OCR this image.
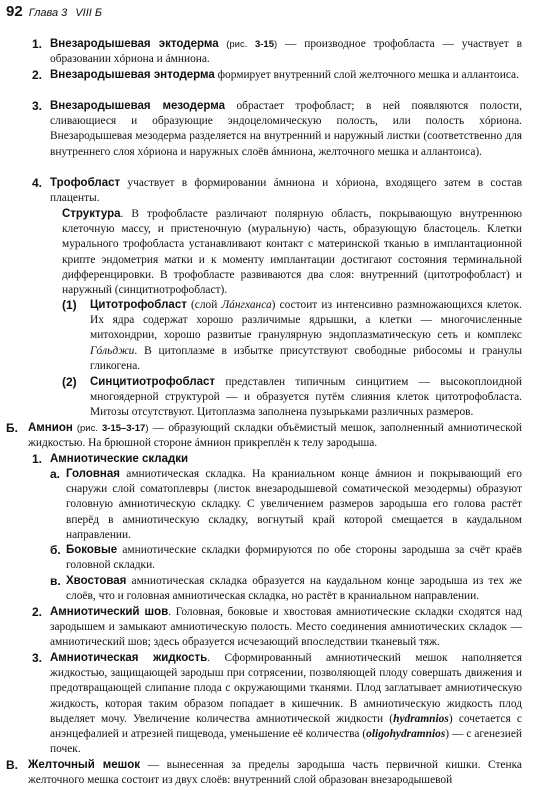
92 Глава 3 VIII Б
1. Внезародышевая эктодерма (рис. 3-15) — производное трофобласта — участвует в образовании хóриона и áмниона.
2. Внезародышевая энтодерма формирует внутренний слой желточного мешка и аллантоиса.
3. Внезародышевая мезодерма обрастает трофобласт; в ней появляются полости, сливающиеся и образующие эндоцеломическую полость, или полость хóриона. Внезародышевая мезодерма разделяется на внутренний и наружный листки (соответственно для внутреннего слоя хóриона и наружных слоёв áмниона, желточного мешка и аллантоиса).
4. Трофобласт участвует в формировании áмниона и хóриона, входящего затем в состав плаценты.
Структура. В трофобласте различают полярную область, покрывающую внутреннюю клеточную массу, и пристеночную (муральную) часть, образующую бластоцель. Клетки мурального трофобласта устанавливают контакт с материнской тканью в имплантационной крипте эндометрия матки и к моменту имплантации достигают состояния терминальной дифференцировки. В трофобласте развиваются два слоя: внутренний (цитотрофобласт) и наружный (синцитиотрофобласт).
(1) Цитотрофобласт (слой Лáнгханса) состоит из интенсивно размножающихся клеток. Их ядра содержат хорошо различимые ядрышки, а клетки — многочисленные митохондрии, хорошо развитые гранулярную эндоплазматическую сеть и комплекс Гóльджи. В цитоплазме в избытке присутствуют свободные рибосомы и гранулы гликогена.
(2) Синцитиотрофобласт представлен типичным синцитием — высокоплоидной многоядерной структурой — и образуется путём слияния клеток цитотрофобласта. Митозы отсутствуют. Цитоплазма заполнена пузырьками различных размеров.
Б. Амнион (рис. 3-15–3-17) — образующий складки объёмистый мешок, заполненный амниотической жидкостью. На брюшной стороне áмнион прикреплён к телу зародыша.
1. Амниотические складки
а. Головная амниотическая складка. На краниальном конце áмнион и покрывающий его снаружи слой соматоплевры (листок внезародышевой соматической мезодермы) образуют головную амниотическую складку. С увеличением размеров зародыша его голова растёт вперёд в амниотическую складку, вогнутый край которой смещается в каудальном направлении.
б. Боковые амниотические складки формируются по обе стороны зародыша за счёт краёв головной складки.
в. Хвостовая амниотическая складка образуется на каудальном конце зародыша из тех же слоёв, что и головная амниотическая складка, но растёт в краниальном направлении.
2. Амниотический шов. Головная, боковые и хвостовая амниотические складки сходятся над зародышем и замыкают амниотическую полость. Место соединения амниотических складок — амниотический шов; здесь образуется исчезающий впоследствии тканевый тяж.
3. Амниотическая жидкость. Сформированный амниотический мешок наполняется жидкостью, защищающей зародыш при сотрясении, позволяющей плоду совершать движения и предотвращающей слипание плода с окружающими тканями. Плод заглатывает амниотическую жидкость, которая таким образом попадает в кишечник. В амниотическую жидкость плод выделяет мочу. Увеличение количества амниотической жидкости (hydramnios) сочетается с анэнцефалией и атрезией пищевода, уменьшение её количества (oligohydramnios) — с агенезией почек.
В. Желточный мешок — вынесенная за пределы зародыша часть первичной кишки. Стенка желточного мешка состоит из двух слоёв: внутренний слой образован внезародышевой
